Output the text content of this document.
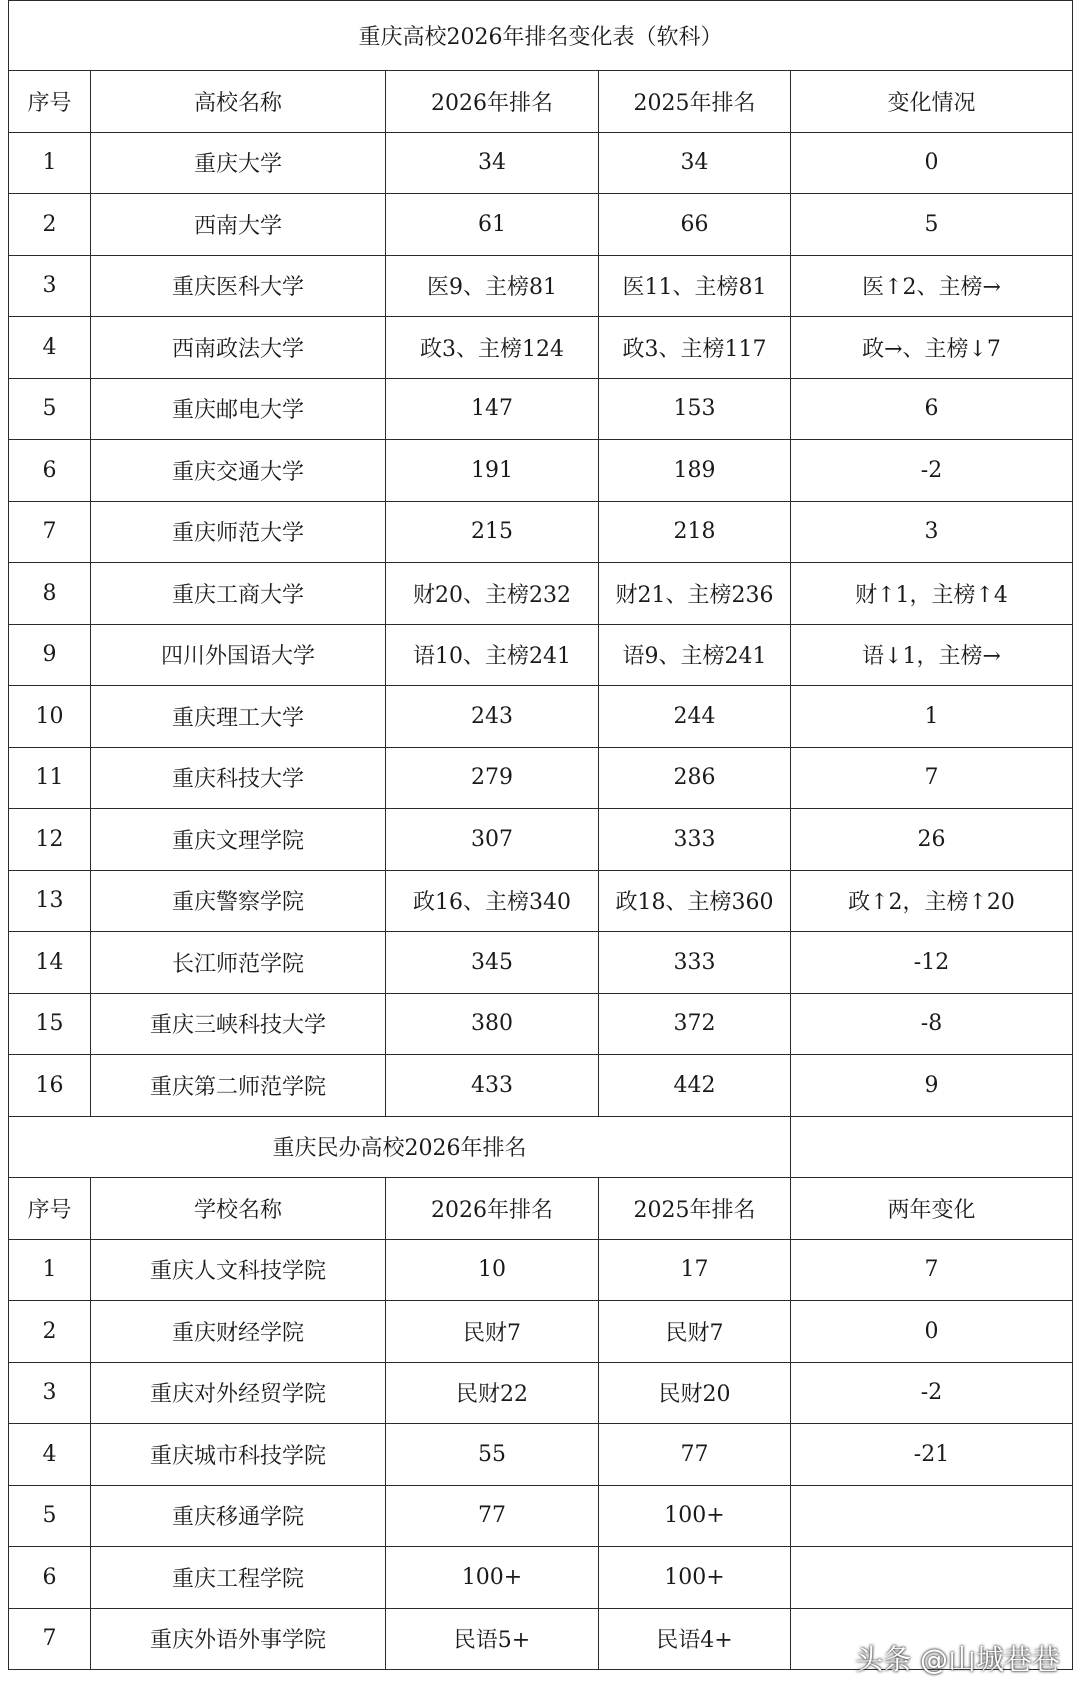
重庆高校2026年排名变化表（软科）				
序号	高校名称	2026年排名	2025年排名	变化情况
1	重庆大学	34	34	0
2	西南大学	61	66	5
3	重庆医科大学	医9、主榜81	医11、主榜81	医↑2、主榜→
4	西南政法大学	政3、主榜124	政3、主榜117	政→、主榜↓7
5	重庆邮电大学	147	153	6
6	重庆交通大学	191	189	-2
7	重庆师范大学	215	218	3
8	重庆工商大学	财20、主榜232	财21、主榜236	财↑1，主榜↑4
9	四川外国语大学	语10、主榜241	语9、主榜241	语↓1，主榜→
10	重庆理工大学	243	244	1
11	重庆科技大学	279	286	7
12	重庆文理学院	307	333	26
13	重庆警察学院	政16、主榜340	政18、主榜360	政↑2，主榜↑20
14	长江师范学院	345	333	-12
15	重庆三峡科技大学	380	372	-8
16	重庆第二师范学院	433	442	9
重庆民办高校2026年排名				
序号	学校名称	2026年排名	2025年排名	两年变化
1	重庆人文科技学院	10	17	7
2	重庆财经学院	民财7	民财7	0
3	重庆对外经贸学院	民财22	民财20	-2
4	重庆城市科技学院	55	77	-21
5	重庆移通学院	77	100+	
6	重庆工程学院	100+	100+	
7	重庆外语外事学院	民语5+	民语4+	
头条 @山城巷巷
